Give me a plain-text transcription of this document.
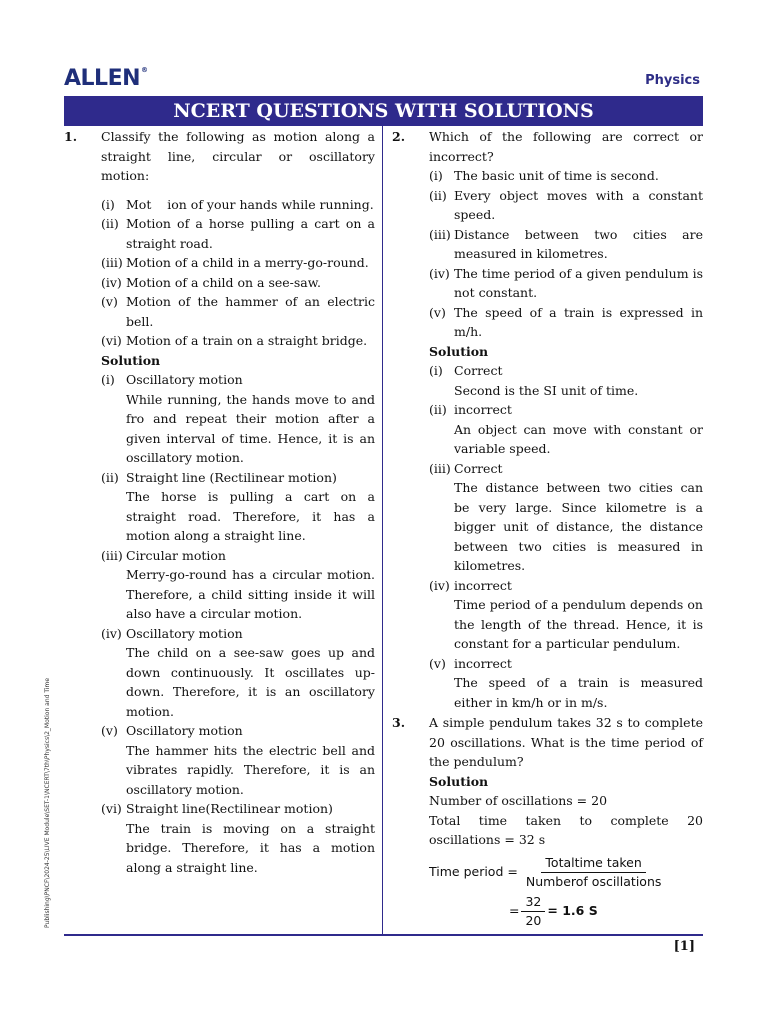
ALLEN®
Physics
NCERT QUESTIONS WITH SOLUTIONS
[1]
Publishing\PNCF\2024-25\LIVE Module\SET-1\NCERT\7th\Physics\2_Motion and Time
1. Classify the following as motion along a straight line, circular or oscillatory motion:
(i) Mot    ion of your hands while running.
(ii) Motion of a horse pulling a cart on a straight road.
(iii) Motion of a child in a merry-go-round.
(iv) Motion of a child on a see-saw.
(v) Motion of the hammer of an electric bell.
(vi) Motion of a train on a straight bridge.
Solution
(i) Oscillatory motion
While running, the hands move to and fro and repeat their motion after a given interval of time. Hence, it is an oscillatory motion.
(ii) Straight line (Rectilinear motion)
The horse is pulling a cart on a straight road. Therefore, it has a motion along a straight line.
(iii) Circular motion
Merry-go-round has a circular motion. Therefore, a child sitting inside it will also have a circular motion.
(iv) Oscillatory motion
The child on a see-saw goes up and down continuously. It oscillates up-down. Therefore, it is an oscillatory motion.
(v) Oscillatory motion
The hammer hits the electric bell and vibrates rapidly. Therefore, it is an oscillatory motion.
(vi) Straight line(Rectilinear motion)
The train is moving on a straight bridge. Therefore, it has a motion along a straight line.
2. Which of the following are correct or incorrect?
(i) The basic unit of time is second.
(ii) Every object moves with a constant speed.
(iii) Distance between two cities are measured in kilometres.
(iv) The time period of a given pendulum is not constant.
(v) The speed of a train is expressed in m/h.
Solution
(i) Correct
Second is the SI unit of time.
(ii) incorrect
An object can move with constant or variable speed.
(iii) Correct
The distance between two cities can be very large. Since kilometre is a bigger unit of distance, the distance between two cities is measured in kilometres.
(iv) incorrect
Time period of a pendulum depends on the length of the thread. Hence, it is constant for a particular pendulum.
(v) incorrect
The speed of a train is measured either in km/h or in m/s.
3. A simple pendulum takes 32 s to complete 20 oscillations. What is the time period of the pendulum?
Solution
Number of oscillations = 20
Total time taken to complete 20 oscillations = 32 s
Time period = $\frac{\text{Totaltime taken}}{\text{Numberof oscillations}}$
= $\frac{32}{20} = 1.6$ S
